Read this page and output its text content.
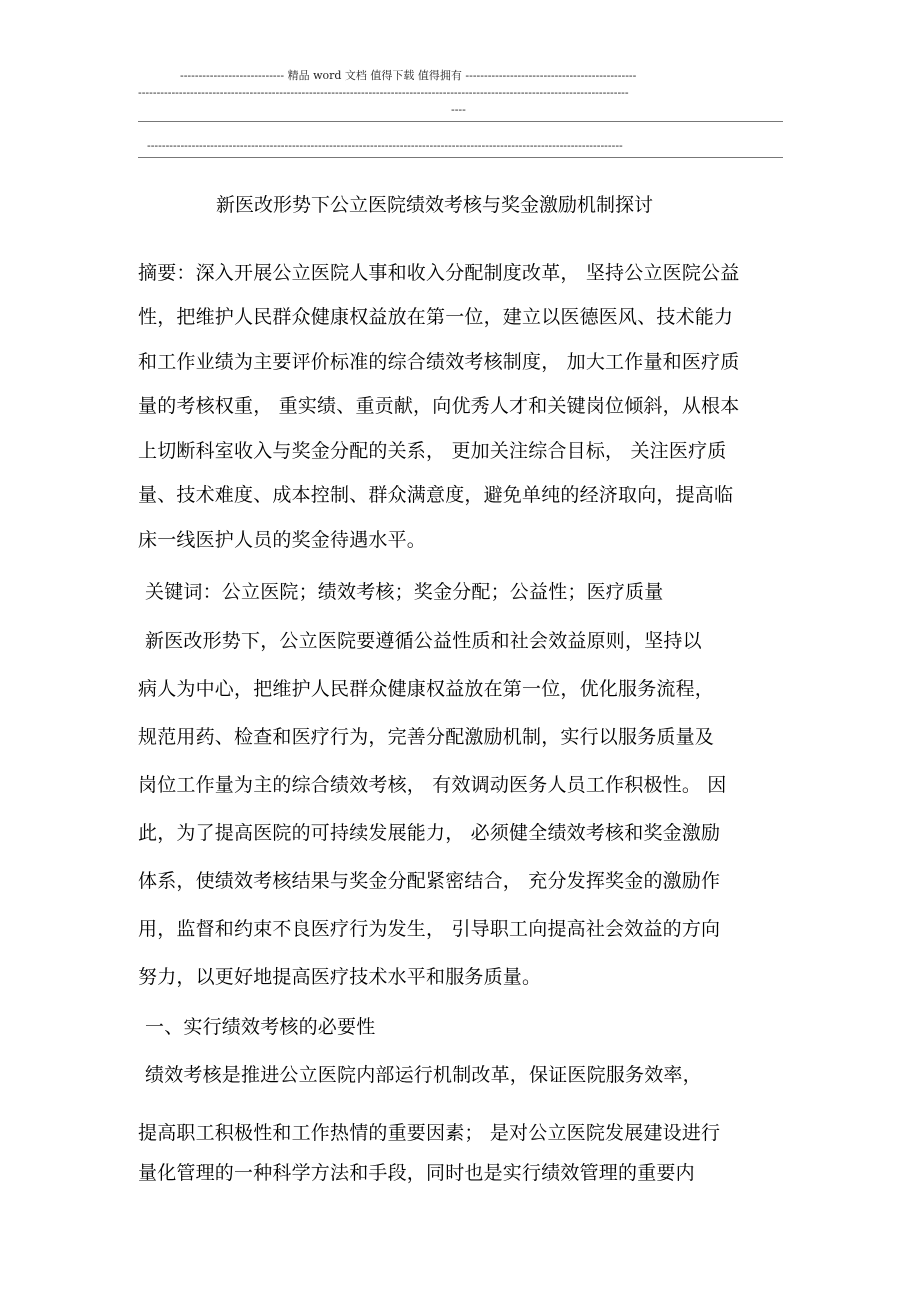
---------------------------- 精品 word 文档 值得下载 值得拥有 ----------------------------------------------
------------------------------------------------------------------------------------------------------------------------------------
----
--------------------------------------------------------------------------------------------------------------------------------
新医改形势下公立医院绩效考核与奖金激励机制探讨
摘要：深入开展公立医院人事和收入分配制度改革， 坚持公立医院公益
性，把维护人民群众健康权益放在第一位，建立以医德医风、技术能力
和工作业绩为主要评价标准的综合绩效考核制度， 加大工作量和医疗质
量的考核权重， 重实绩、重贡献，向优秀人才和关键岗位倾斜，从根本
上切断科室收入与奖金分配的关系， 更加关注综合目标， 关注医疗质
量、技术难度、成本控制、群众满意度，避免单纯的经济取向，提高临
床一线医护人员的奖金待遇水平。
关键词：公立医院；绩效考核；奖金分配；公益性；医疗质量
新医改形势下，公立医院要遵循公益性质和社会效益原则，坚持以
病人为中心，把维护人民群众健康权益放在第一位，优化服务流程，
规范用药、检查和医疗行为，完善分配激励机制，实行以服务质量及
岗位工作量为主的综合绩效考核， 有效调动医务人员工作积极性。 因
此，为了提高医院的可持续发展能力， 必须健全绩效考核和奖金激励
体系，使绩效考核结果与奖金分配紧密结合， 充分发挥奖金的激励作
用，监督和约束不良医疗行为发生， 引导职工向提高社会效益的方向
努力，以更好地提高医疗技术水平和服务质量。
一、实行绩效考核的必要性
绩效考核是推进公立医院内部运行机制改革，保证医院服务效率，
提高职工积极性和工作热情的重要因素； 是对公立医院发展建设进行
量化管理的一种科学方法和手段，同时也是实行绩效管理的重要内
